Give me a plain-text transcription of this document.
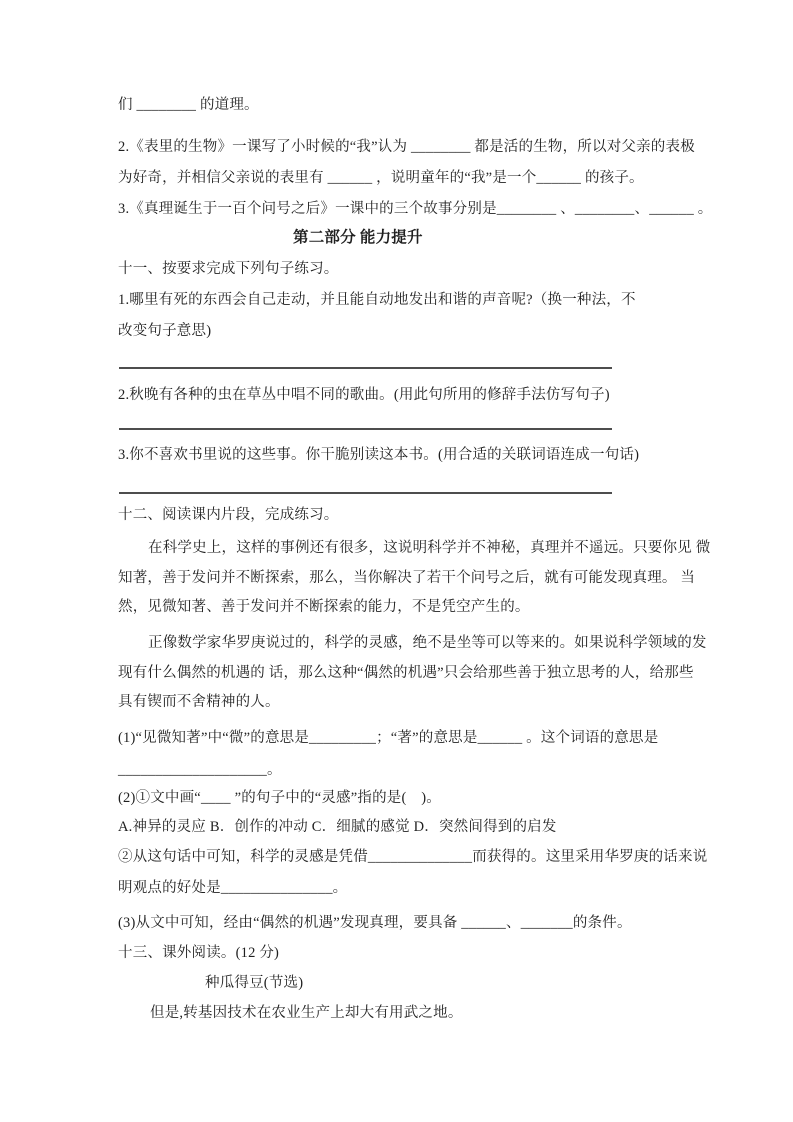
们 ________ 的道理。
2.《表里的生物》一课写了小时候的“我”认为 ________ 都是活的生物，所以对父亲的表极
为好奇，并相信父亲说的表里有 ______ ，说明童年的“我”是一个______ 的孩子。
3.《真理诞生于一百个问号之后》一课中的三个故事分别是________ 、________、______ 。
第二部分 能力提升
十一、按要求完成下列句子练习。
1.哪里有死的东西会自己走动，并且能自动地发出和谐的声音呢?（换一种法，不
改变句子意思)
2.秋晚有各种的虫在草丛中唱不同的歌曲。(用此句所用的修辞手法仿写句子)
3.你不喜欢书里说的这些事。你干脆别读这本书。(用合适的关联词语连成一句话)
十二、阅读课内片段，完成练习。
在科学史上，这样的事例还有很多，这说明科学并不神秘，真理并不遥远。只要你见 微
知著，善于发问并不断探索，那么，当你解决了若干个问号之后，就有可能发现真理。 当
然，见微知著、善于发问并不断探索的能力，不是凭空产生的。
正像数学家华罗庚说过的，科学的灵感，绝不是坐等可以等来的。如果说科学领域的发
现有什么偶然的机遇的 话，那么这种“偶然的机遇”只会给那些善于独立思考的人，给那些
具有锲而不舍精神的人。
(1)“见微知著”中“微”的意思是_________；“著”的意思是______ 。这个词语的意思是
____________________。
(2)①文中画“____ ”的句子中的“灵感”指的是(　)。
A.神异的灵应 B．创作的冲动 C．细腻的感觉 D．突然间得到的启发
②从这句话中可知，科学的灵感是凭借______________而获得的。这里采用华罗庚的话来说
明观点的好处是_______________。
(3)从文中可知，经由“偶然的机遇”发现真理，要具备 ______、_______的条件。
十三、课外阅读。(12 分)
种瓜得豆(节选)
但是,转基因技术在农业生产上却大有用武之地。
